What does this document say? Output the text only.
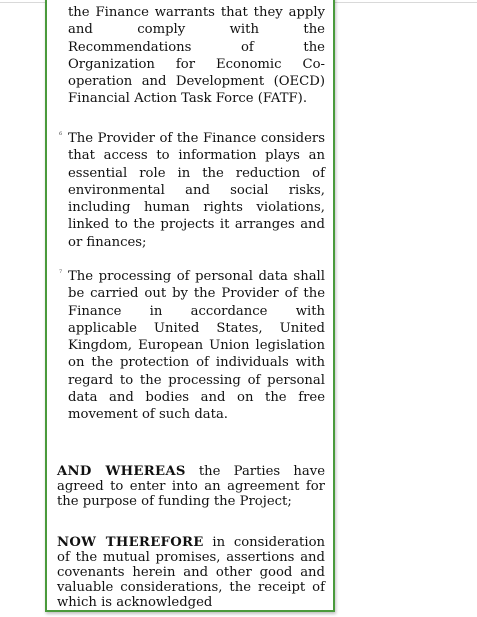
the Finance warrants that they apply and comply with the Recommendations of the Organization for Economic Co-operation and Development (OECD) Financial Action Task Force (FATF).
6 The Provider of the Finance considers that access to information plays an essential role in the reduction of environmental and social risks, including human rights violations, linked to the projects it arranges and or finances;
7 The processing of personal data shall be carried out by the Provider of the Finance in accordance with applicable United States, United Kingdom, European Union legislation on the protection of individuals with regard to the processing of personal data and bodies and on the free movement of such data.
AND WHEREAS the Parties have agreed to enter into an agreement for the purpose of funding the Project;
NOW THEREFORE in consideration of the mutual promises, assertions and covenants herein and other good and valuable considerations, the receipt of which is acknowledged
